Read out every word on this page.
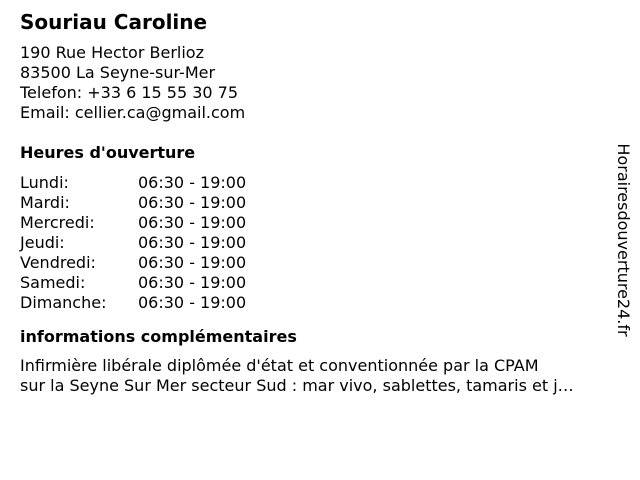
Souriau Caroline
190 Rue Hector Berlioz
83500 La Seyne-sur-Mer
Telefon: +33 6 15 55 30 75
Email: cellier.ca@gmail.com
Heures d'ouverture
Lundi:	06:30 - 19:00
Mardi:	06:30 - 19:00
Mercredi:	06:30 - 19:00
Jeudi:	06:30 - 19:00
Vendredi:	06:30 - 19:00
Samedi:	06:30 - 19:00
Dimanche:	06:30 - 19:00
informations complémentaires
Infirmière libérale diplômée d'état et conventionnée par la CPAM
sur la Seyne Sur Mer secteur Sud : mar vivo, sablettes, tamaris et j…
Horairesdouverture24.fr
